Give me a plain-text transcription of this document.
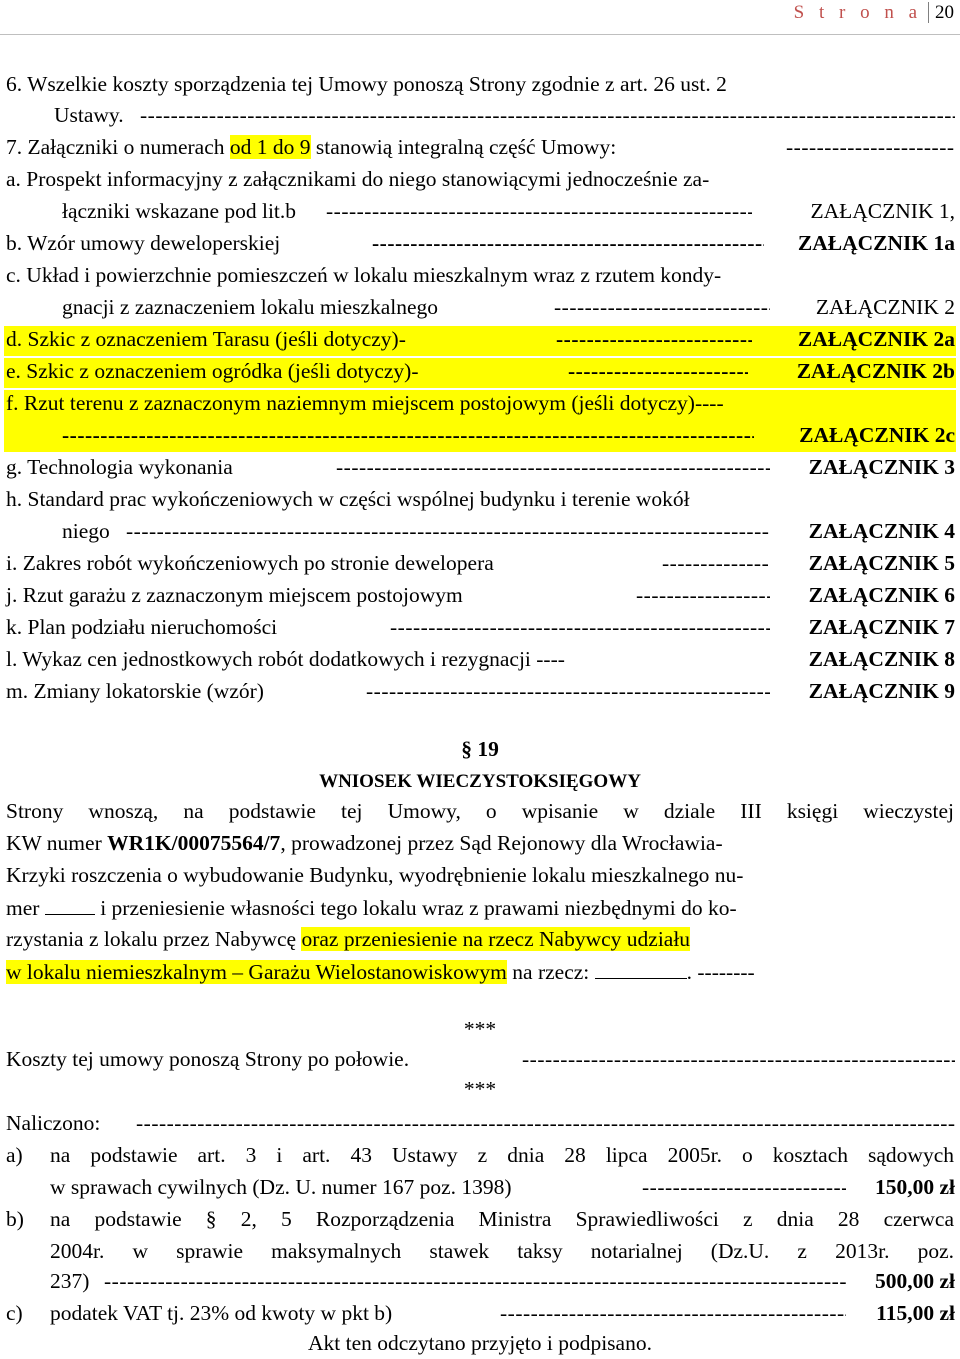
S t r o n a 20
6. Wszelkie koszty sporządzenia tej Umowy ponoszą Strony zgodnie z art. 26 ust. 2
Ustawy.
-----
7. Załączniki o numerach od 1 do 9 stanowią integralną część Umowy:
-----
a. Prospekt informacyjny z załącznikami do niego stanowiącymi jednocześnie za-
łączniki wskazane pod lit.b -----	ZAŁĄCZNIK 1,
b. Wzór umowy deweloperskiej -----	ZAŁĄCZNIK 1a
c. Układ i powierzchnie pomieszczeń w lokalu mieszkalnym wraz z rzutem kondy-
gnacji z zaznaczeniem lokalu mieszkalnego -----	ZAŁĄCZNIK 2
d. Szkic z oznaczeniem Tarasu (jeśli dotyczy)- -----	ZAŁĄCZNIK 2a
e. Szkic z oznaczeniem ogródka (jeśli dotyczy)- -----	ZAŁĄCZNIK 2b
f. Rzut terenu z zaznaczonym naziemnym miejscem postojowym (jeśli dotyczy)----
-----
ZAŁĄCZNIK 2c
g. Technologia wykonania -----	ZAŁĄCZNIK 3
h. Standard prac wykończeniowych w części wspólnej budynku i terenie wokół
niego -----	ZAŁĄCZNIK 4
i. Zakres robót wykończeniowych po stronie dewelopera -----	ZAŁĄCZNIK 5
j. Rzut garażu z zaznaczonym miejscem postojowym -----	ZAŁĄCZNIK 6
k. Plan podziału nieruchomości -----	ZAŁĄCZNIK 7
l. Wykaz cen jednostkowych robót dodatkowych i rezygnacji ----	ZAŁĄCZNIK 8
m. Zmiany lokatorskie (wzór) -----	ZAŁĄCZNIK 9
§ 19
WNIOSEK WIECZYSTOKSIĘGOWY
Strony wnoszą, na podstawie tej Umowy, o wpisanie w dziale III księgi wieczystej
KW numer WR1K/00075564/7, prowadzonej przez Sąd Rejonowy dla Wrocławia-
Krzyki roszczenia o wybudowanie Budynku, wyodrębnienie lokalu mieszkalnego nu-
mer	i przeniesienie własności tego lokalu wraz z prawami niezbędnymi do ko-
rzystania z lokalu przez Nabywcę oraz przeniesienie na rzecz Nabywcy udziału
w lokalu niemieszkalnym – Garażu Wielostanowiskowym na rzecz:	. --------
***
Koszty tej umowy ponoszą Strony po połowie.
-----
***
Naliczono:
-----
a) na podstawie art. 3 i art. 43 Ustawy z dnia 28 lipca 2005r. o kosztach sądowych
w sprawach cywilnych (Dz. U. numer 167 poz. 1398) -----	150,00 zł
b) na podstawie § 2, 5 Rozporządzenia Ministra Sprawiedliwości z dnia 28 czerwca
2004r. w sprawie maksymalnych stawek taksy notarialnej (Dz.U. z 2013r. poz.
237) -----	500,00 zł
c) podatek VAT tj. 23% od kwoty w pkt b) -----	115,00 zł
Akt ten odczytano przyjęto i podpisano.
